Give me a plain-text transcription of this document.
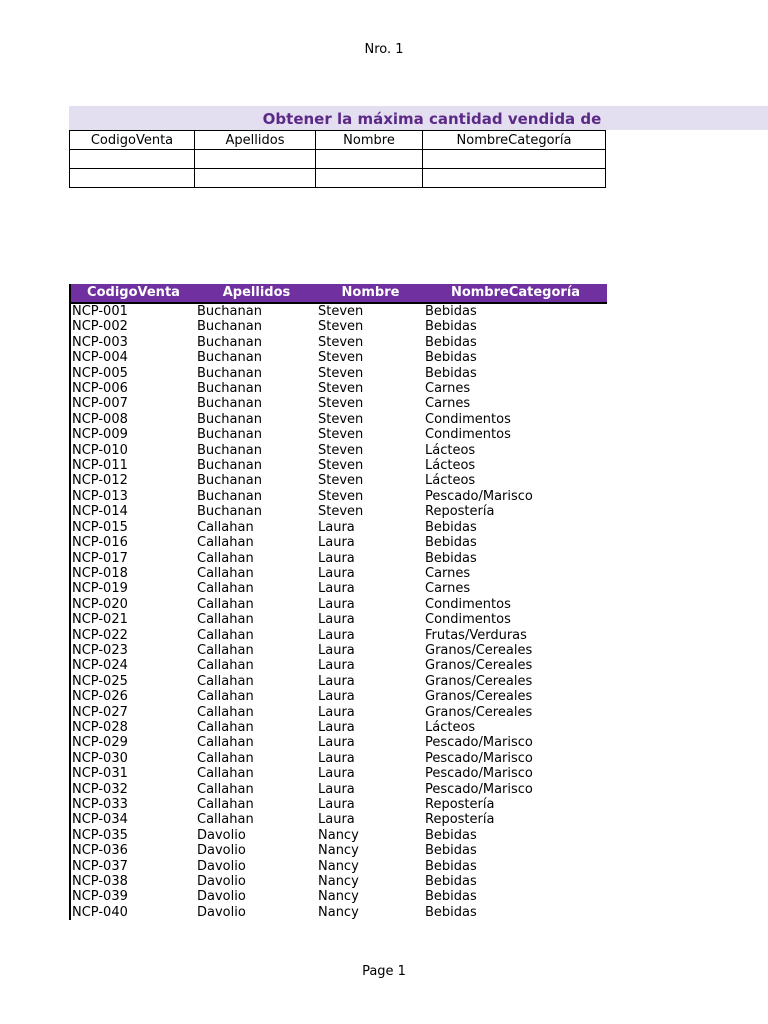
Nro. 1
Obtener la máxima cantidad vendida de
CodigoVenta	Apellidos	Nombre	NombreCategoría

CodigoVenta	Apellidos	Nombre	NombreCategoría
NCP-001	Buchanan	Steven	Bebidas
NCP-002	Buchanan	Steven	Bebidas
NCP-003	Buchanan	Steven	Bebidas
NCP-004	Buchanan	Steven	Bebidas
NCP-005	Buchanan	Steven	Bebidas
NCP-006	Buchanan	Steven	Carnes
NCP-007	Buchanan	Steven	Carnes
NCP-008	Buchanan	Steven	Condimentos
NCP-009	Buchanan	Steven	Condimentos
NCP-010	Buchanan	Steven	Lácteos
NCP-011	Buchanan	Steven	Lácteos
NCP-012	Buchanan	Steven	Lácteos
NCP-013	Buchanan	Steven	Pescado/Marisco
NCP-014	Buchanan	Steven	Repostería
NCP-015	Callahan	Laura	Bebidas
NCP-016	Callahan	Laura	Bebidas
NCP-017	Callahan	Laura	Bebidas
NCP-018	Callahan	Laura	Carnes
NCP-019	Callahan	Laura	Carnes
NCP-020	Callahan	Laura	Condimentos
NCP-021	Callahan	Laura	Condimentos
NCP-022	Callahan	Laura	Frutas/Verduras
NCP-023	Callahan	Laura	Granos/Cereales
NCP-024	Callahan	Laura	Granos/Cereales
NCP-025	Callahan	Laura	Granos/Cereales
NCP-026	Callahan	Laura	Granos/Cereales
NCP-027	Callahan	Laura	Granos/Cereales
NCP-028	Callahan	Laura	Lácteos
NCP-029	Callahan	Laura	Pescado/Marisco
NCP-030	Callahan	Laura	Pescado/Marisco
NCP-031	Callahan	Laura	Pescado/Marisco
NCP-032	Callahan	Laura	Pescado/Marisco
NCP-033	Callahan	Laura	Repostería
NCP-034	Callahan	Laura	Repostería
NCP-035	Davolio	Nancy	Bebidas
NCP-036	Davolio	Nancy	Bebidas
NCP-037	Davolio	Nancy	Bebidas
NCP-038	Davolio	Nancy	Bebidas
NCP-039	Davolio	Nancy	Bebidas
NCP-040	Davolio	Nancy	Bebidas
Page 1
